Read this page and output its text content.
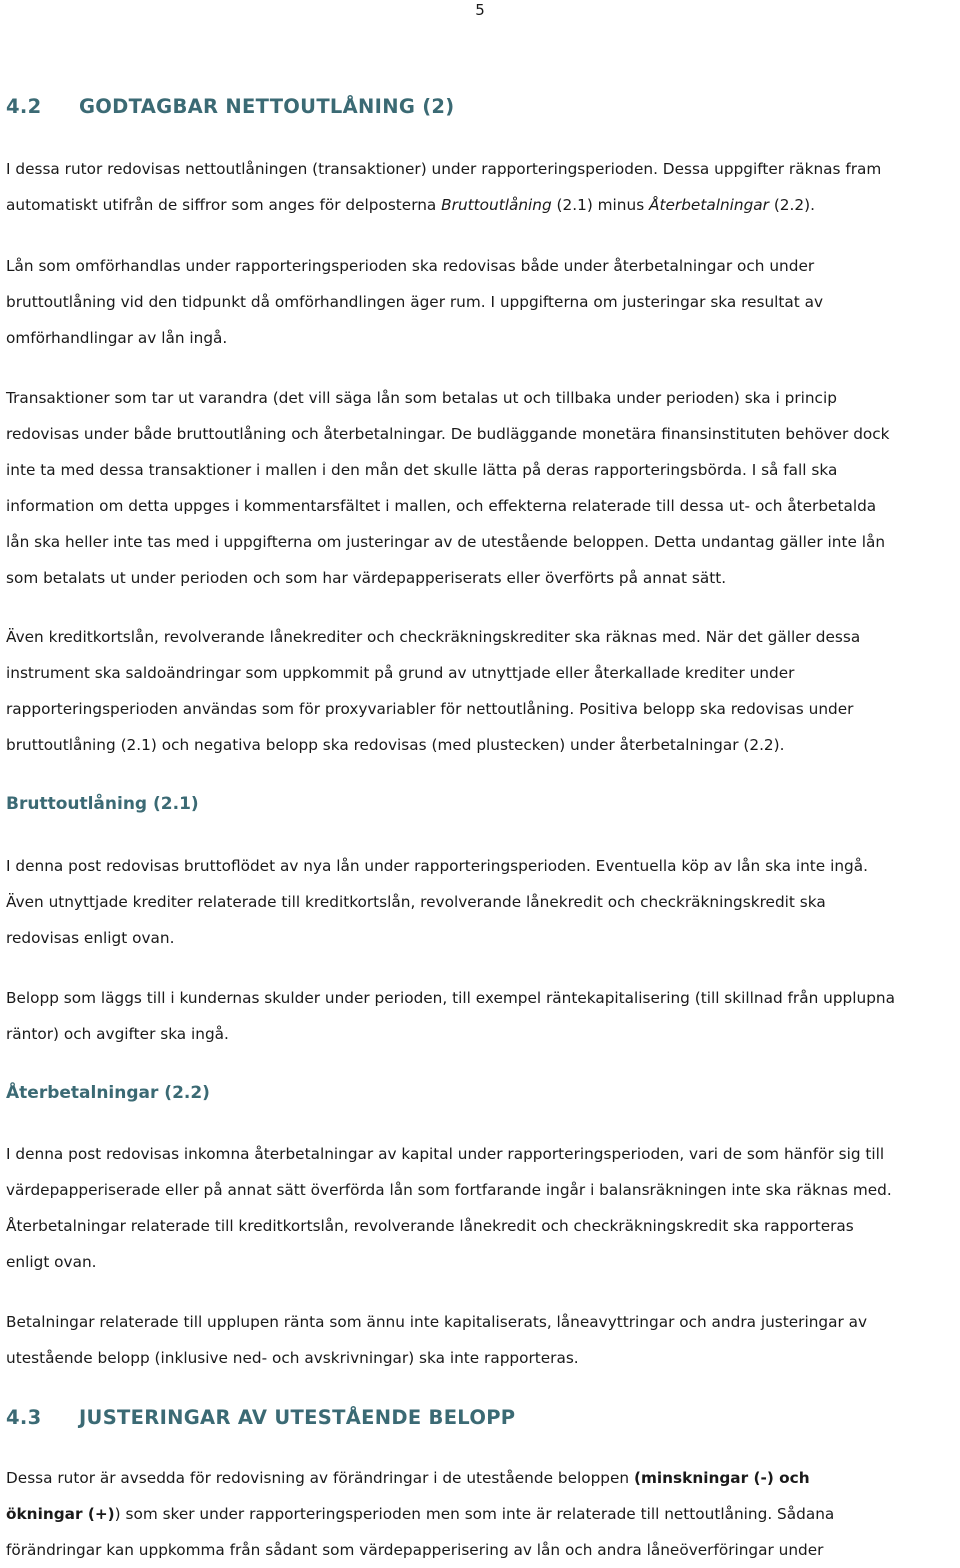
5
4.2 GODTAGBAR NETTOUTLÅNING (2)
I dessa rutor redovisas nettoutlåningen (transaktioner) under rapporteringsperioden. Dessa uppgifter räknas fram
automatiskt utifrån de siffror som anges för delposterna Bruttoutlåning (2.1) minus Återbetalningar (2.2).
Lån som omförhandlas under rapporteringsperioden ska redovisas både under återbetalningar och under
bruttoutlåning vid den tidpunkt då omförhandlingen äger rum. I uppgifterna om justeringar ska resultat av
omförhandlingar av lån ingå.
Transaktioner som tar ut varandra (det vill säga lån som betalas ut och tillbaka under perioden) ska i princip
redovisas under både bruttoutlåning och återbetalningar. De budläggande monetära finansinstituten behöver dock
inte ta med dessa transaktioner i mallen i den mån det skulle lätta på deras rapporteringsbörda. I så fall ska
information om detta uppges i kommentarsfältet i mallen, och effekterna relaterade till dessa ut- och återbetalda
lån ska heller inte tas med i uppgifterna om justeringar av de utestående beloppen. Detta undantag gäller inte lån
som betalats ut under perioden och som har värdepapperiserats eller överförts på annat sätt.
Även kreditkortslån, revolverande lånekrediter och checkräkningskrediter ska räknas med. När det gäller dessa
instrument ska saldoändringar som uppkommit på grund av utnyttjade eller återkallade krediter under
rapporteringsperioden användas som för proxyvariabler för nettoutlåning. Positiva belopp ska redovisas under
bruttoutlåning (2.1) och negativa belopp ska redovisas (med plustecken) under återbetalningar (2.2).
Bruttoutlåning (2.1)
I denna post redovisas bruttoflödet av nya lån under rapporteringsperioden. Eventuella köp av lån ska inte ingå.
Även utnyttjade krediter relaterade till kreditkortslån, revolverande lånekredit och checkräkningskredit ska
redovisas enligt ovan.
Belopp som läggs till i kundernas skulder under perioden, till exempel räntekapitalisering (till skillnad från upplupna
räntor) och avgifter ska ingå.
Återbetalningar (2.2)
I denna post redovisas inkomna återbetalningar av kapital under rapporteringsperioden, vari de som hänför sig till
värdepapperiserade eller på annat sätt överförda lån som fortfarande ingår i balansräkningen inte ska räknas med.
Återbetalningar relaterade till kreditkortslån, revolverande lånekredit och checkräkningskredit ska rapporteras
enligt ovan.
Betalningar relaterade till upplupen ränta som ännu inte kapitaliserats, låneavyttringar och andra justeringar av
utestående belopp (inklusive ned- och avskrivningar) ska inte rapporteras.
4.3 JUSTERINGAR AV UTESTÅENDE BELOPP
Dessa rutor är avsedda för redovisning av förändringar i de utestående beloppen (minskningar (-) och
ökningar (+)) som sker under rapporteringsperioden men som inte är relaterade till nettoutlåning. Sådana
förändringar kan uppkomma från sådant som värdepapperisering av lån och andra låneöverföringar under
